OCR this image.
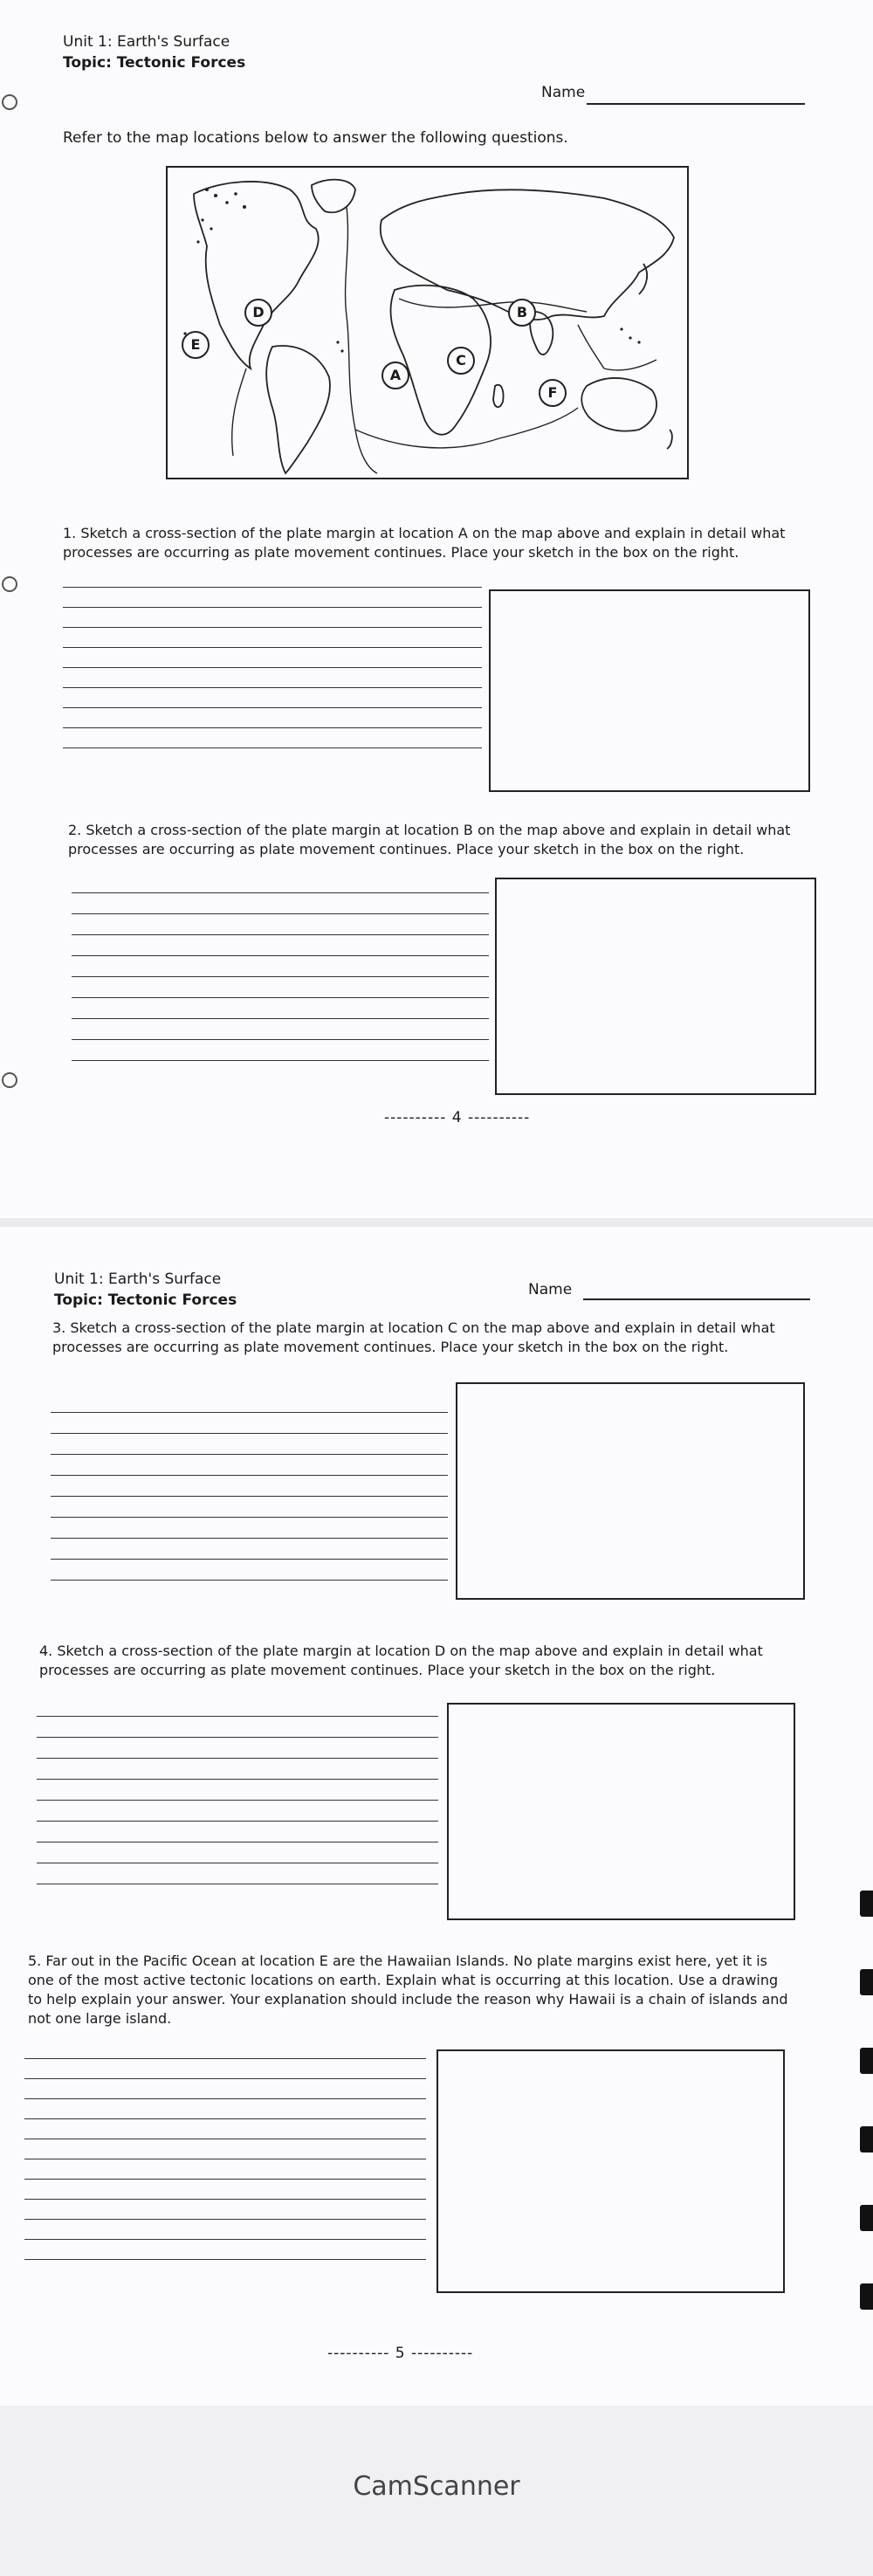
Unit 1: Earth's Surface
Topic: Tectonic Forces
Name
Refer to the map locations below to answer the following questions.
D
E
A
C
B
F
1. Sketch a cross-section of the plate margin at location A on the map above and explain in detail what processes are occurring as plate movement continues. Place your sketch in the box on the right.
2. Sketch a cross-section of the plate margin at location B on the map above and explain in detail what processes are occurring as plate movement continues. Place your sketch in the box on the right.
---------- 4 ----------
Unit 1: Earth's Surface
Topic: Tectonic Forces
Name
3. Sketch a cross-section of the plate margin at location C on the map above and explain in detail what processes are occurring as plate movement continues. Place your sketch in the box on the right.
4. Sketch a cross-section of the plate margin at location D on the map above and explain in detail what processes are occurring as plate movement continues. Place your sketch in the box on the right.
5. Far out in the Pacific Ocean at location E are the Hawaiian Islands. No plate margins exist here, yet it is one of the most active tectonic locations on earth. Explain what is occurring at this location. Use a drawing to help explain your answer. Your explanation should include the reason why Hawaii is a chain of islands and not one large island.
---------- 5 ----------
CamScanner
